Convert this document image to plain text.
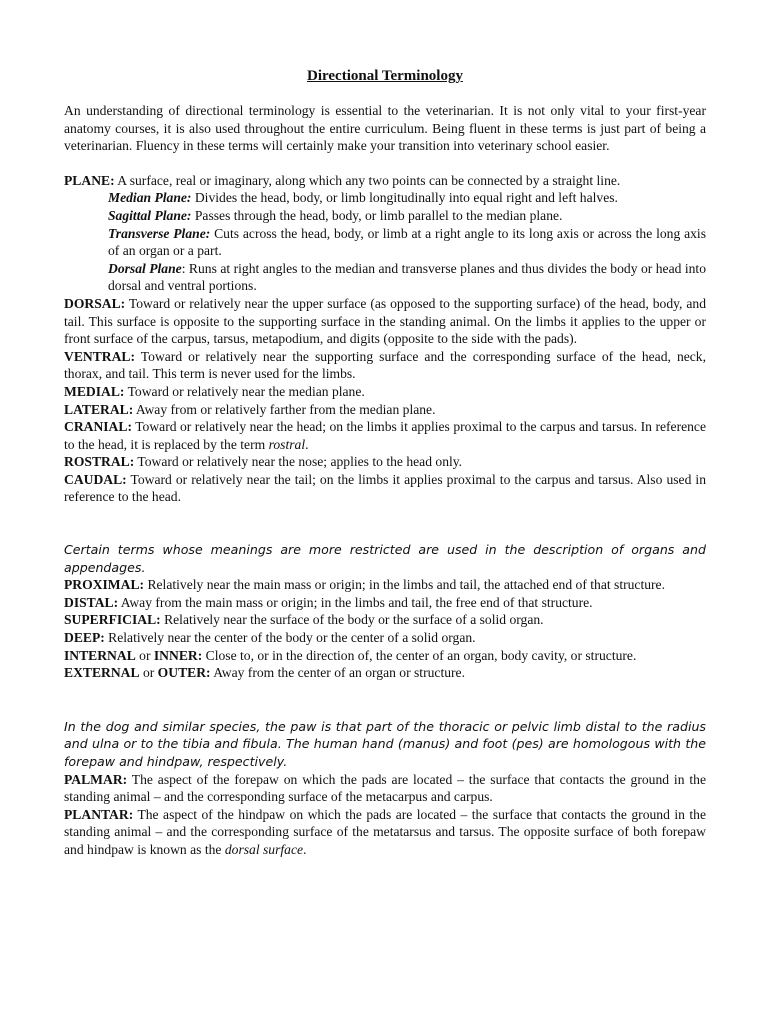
Directional Terminology

An understanding of directional terminology is essential to the veterinarian. It is not only vital to your first-year anatomy courses, it is also used throughout the entire curriculum. Being fluent in these terms is just part of being a veterinarian. Fluency in these terms will certainly make your transition into veterinary school easier.

PLANE: A surface, real or imaginary, along which any two points can be connected by a straight line.

Median Plane: Divides the head, body, or limb longitudinally into equal right and left halves.
Sagittal Plane: Passes through the head, body, or limb parallel to the median plane.
Transverse Plane: Cuts across the head, body, or limb at a right angle to its long axis or across the long axis of an organ or a part.
Dorsal Plane: Runs at right angles to the median and transverse planes and thus divides the body or head into dorsal and ventral portions.

DORSAL: Toward or relatively near the upper surface (as opposed to the supporting surface) of the head, body, and tail. This surface is opposite to the supporting surface in the standing animal. On the limbs it applies to the upper or front surface of the carpus, tarsus, metapodium, and digits (opposite to the side with the pads).

VENTRAL: Toward or relatively near the supporting surface and the corresponding surface of the head, neck, thorax, and tail. This term is never used for the limbs.

MEDIAL: Toward or relatively near the median plane.

LATERAL: Away from or relatively farther from the median plane.

CRANIAL: Toward or relatively near the head; on the limbs it applies proximal to the carpus and tarsus. In reference to the head, it is replaced by the term rostral.

ROSTRAL: Toward or relatively near the nose; applies to the head only.

CAUDAL: Toward or relatively near the tail; on the limbs it applies proximal to the carpus and tarsus. Also used in reference to the head.

Certain terms whose meanings are more restricted are used in the description of organs and appendages.

PROXIMAL: Relatively near the main mass or origin; in the limbs and tail, the attached end of that structure.

DISTAL: Away from the main mass or origin; in the limbs and tail, the free end of that structure.

SUPERFICIAL: Relatively near the surface of the body or the surface of a solid organ.

DEEP: Relatively near the center of the body or the center of a solid organ.

INTERNAL or INNER: Close to, or in the direction of, the center of an organ, body cavity, or structure.

EXTERNAL or OUTER: Away from the center of an organ or structure.

In the dog and similar species, the paw is that part of the thoracic or pelvic limb distal to the radius and ulna or to the tibia and fibula. The human hand (manus) and foot (pes) are homologous with the forepaw and hindpaw, respectively.

PALMAR: The aspect of the forepaw on which the pads are located – the surface that contacts the ground in the standing animal – and the corresponding surface of the metacarpus and carpus.

PLANTAR: The aspect of the hindpaw on which the pads are located – the surface that contacts the ground in the standing animal – and the corresponding surface of the metatarsus and tarsus. The opposite surface of both forepaw and hindpaw is known as the dorsal surface.
